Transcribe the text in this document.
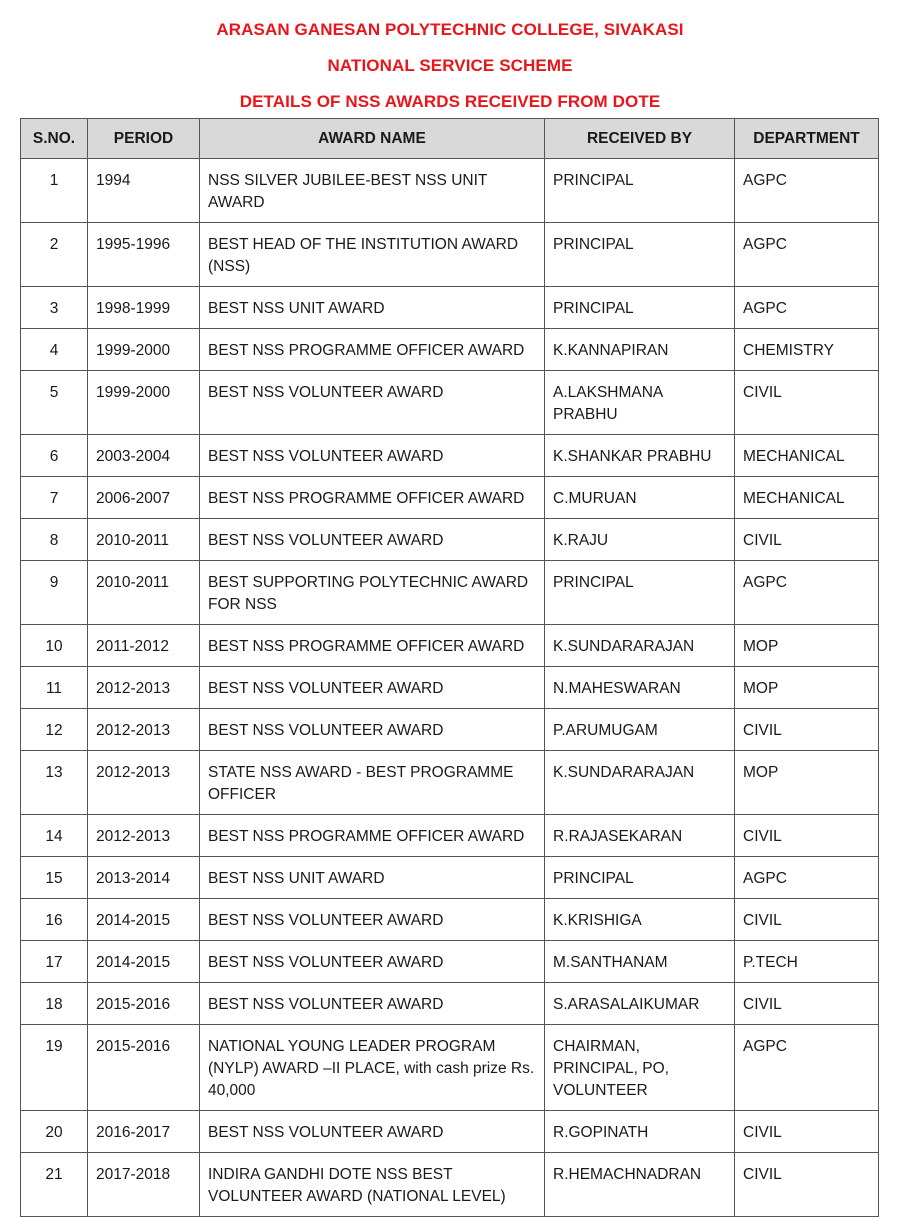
ARASAN GANESAN POLYTECHNIC COLLEGE, SIVAKASI
NATIONAL SERVICE SCHEME
DETAILS OF NSS AWARDS RECEIVED FROM DOTE
S.NO.	PERIOD	AWARD NAME	RECEIVED BY	DEPARTMENT
1	1994	NSS SILVER JUBILEE-BEST NSS UNIT AWARD	PRINCIPAL	AGPC
2	1995-1996	BEST HEAD OF THE INSTITUTION AWARD (NSS)	PRINCIPAL	AGPC
3	1998-1999	BEST NSS UNIT AWARD	PRINCIPAL	AGPC
4	1999-2000	BEST NSS PROGRAMME OFFICER AWARD	K.KANNAPIRAN	CHEMISTRY
5	1999-2000	BEST NSS VOLUNTEER AWARD	A.LAKSHMANA PRABHU	CIVIL
6	2003-2004	BEST NSS VOLUNTEER AWARD	K.SHANKAR PRABHU	MECHANICAL
7	2006-2007	BEST NSS PROGRAMME OFFICER AWARD	C.MURUAN	MECHANICAL
8	2010-2011	BEST NSS VOLUNTEER AWARD	K.RAJU	CIVIL
9	2010-2011	BEST SUPPORTING POLYTECHNIC AWARD FOR NSS	PRINCIPAL	AGPC
10	2011-2012	BEST NSS PROGRAMME OFFICER AWARD	K.SUNDARARAJAN	MOP
11	2012-2013	BEST NSS VOLUNTEER AWARD	N.MAHESWARAN	MOP
12	2012-2013	BEST NSS VOLUNTEER AWARD	P.ARUMUGAM	CIVIL
13	2012-2013	STATE NSS AWARD - BEST PROGRAMME OFFICER	K.SUNDARARAJAN	MOP
14	2012-2013	BEST NSS PROGRAMME OFFICER AWARD	R.RAJASEKARAN	CIVIL
15	2013-2014	BEST NSS UNIT AWARD	PRINCIPAL	AGPC
16	2014-2015	BEST NSS VOLUNTEER AWARD	K.KRISHIGA	CIVIL
17	2014-2015	BEST NSS VOLUNTEER AWARD	M.SANTHANAM	P.TECH
18	2015-2016	BEST NSS VOLUNTEER AWARD	S.ARASALAIKUMAR	CIVIL
19	2015-2016	NATIONAL YOUNG LEADER PROGRAM (NYLP) AWARD –II PLACE, with cash prize Rs. 40,000	CHAIRMAN, PRINCIPAL, PO, VOLUNTEER	AGPC
20	2016-2017	BEST NSS VOLUNTEER AWARD	R.GOPINATH	CIVIL
21	2017-2018	INDIRA GANDHI DOTE NSS BEST VOLUNTEER AWARD (NATIONAL LEVEL)	R.HEMACHNADRAN	CIVIL
